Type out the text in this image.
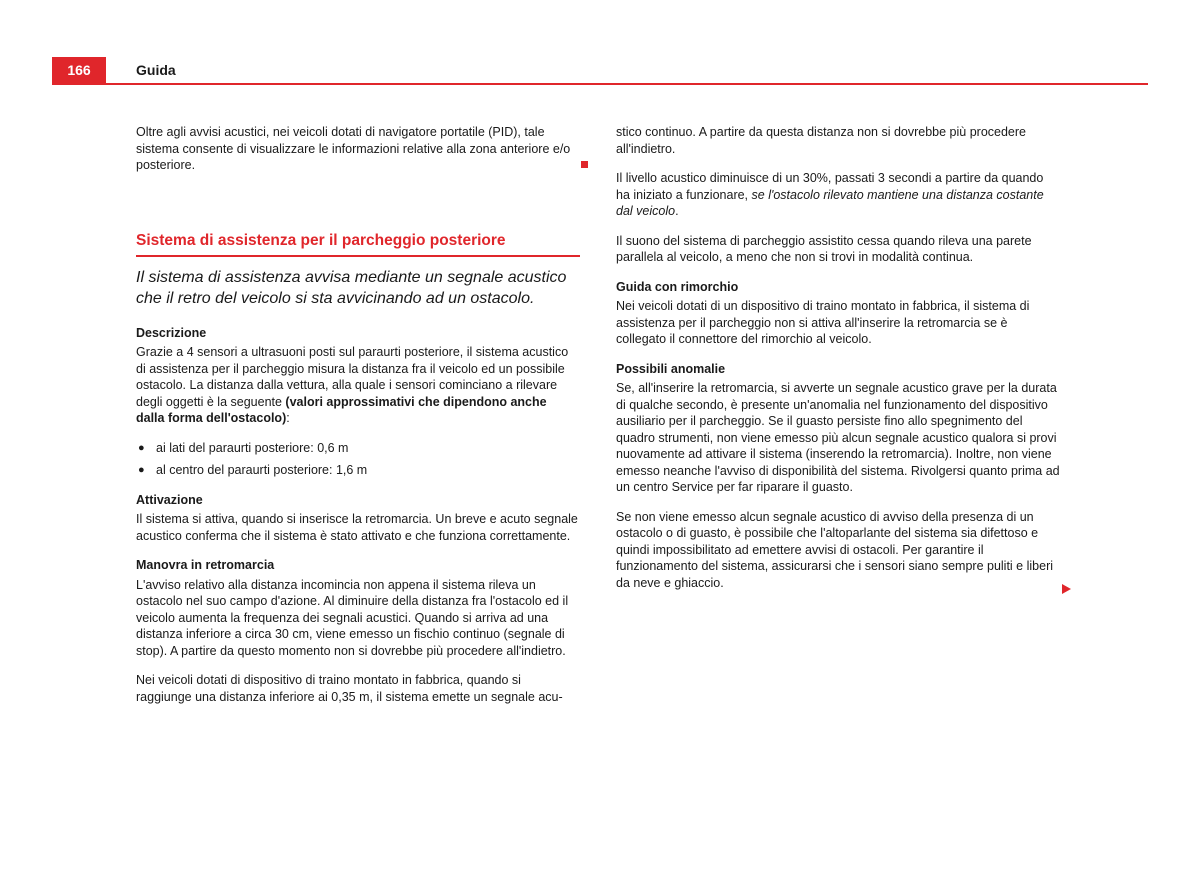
166	Guida

Oltre agli avvisi acustici, nei veicoli dotati di navigatore portatile (PID), tale sistema consente di visualizzare le informazioni relative alla zona anteriore e/o posteriore.

Sistema di assistenza per il parcheggio posteriore

Il sistema di assistenza avvisa mediante un segnale acustico che il retro del veicolo si sta avvicinando ad un ostacolo.

Descrizione

Grazie a 4 sensori a ultrasuoni posti sul paraurti posteriore, il sistema acustico di assistenza per il parcheggio misura la distanza fra il veicolo ed un possibile ostacolo. La distanza dalla vettura, alla quale i sensori cominciano a rilevare degli oggetti è la seguente (valori approssimativi che dipendono anche dalla forma dell'ostacolo):

● ai lati del paraurti posteriore: 0,6 m
● al centro del paraurti posteriore: 1,6 m
Attivazione

Il sistema si attiva, quando si inserisce la retromarcia. Un breve e acuto segnale acustico conferma che il sistema è stato attivato e che funziona correttamente.

Manovra in retromarcia

L'avviso relativo alla distanza incomincia non appena il sistema rileva un ostacolo nel suo campo d'azione. Al diminuire della distanza fra l'ostacolo ed il veicolo aumenta la frequenza dei segnali acustici. Quando si arriva ad una distanza inferiore a circa 30 cm, viene emesso un fischio continuo (segnale di stop). A partire da questo momento non si dovrebbe più procedere all'indietro.

Nei veicoli dotati di dispositivo di traino montato in fabbrica, quando si raggiunge una distanza inferiore ai 0,35 m, il sistema emette un segnale acu-

stico continuo. A partire da questa distanza non si dovrebbe più procedere all'indietro.

Il livello acustico diminuisce di un 30%, passati 3 secondi a partire da quando ha iniziato a funzionare, se l'ostacolo rilevato mantiene una distanza costante dal veicolo.

Il suono del sistema di parcheggio assistito cessa quando rileva una parete parallela al veicolo, a meno che non si trovi in modalità continua.

Guida con rimorchio

Nei veicoli dotati di un dispositivo di traino montato in fabbrica, il sistema di assistenza per il parcheggio non si attiva all'inserire la retromarcia se è collegato il connettore del rimorchio al veicolo.

Possibili anomalie

Se, all'inserire la retromarcia, si avverte un segnale acustico grave per la durata di qualche secondo, è presente un'anomalia nel funzionamento del dispositivo ausiliario per il parcheggio. Se il guasto persiste fino allo spegnimento del quadro strumenti, non viene emesso più alcun segnale acustico qualora si provi nuovamente ad attivare il sistema (inserendo la retromarcia). Inoltre, non viene emesso neanche l'avviso di disponibilità del sistema. Rivolgersi quanto prima ad un centro Service per far riparare il guasto.

Se non viene emesso alcun segnale acustico di avviso della presenza di un ostacolo o di guasto, è possibile che l'altoparlante del sistema sia difettoso e quindi impossibilitato ad emettere avvisi di ostacoli. Per garantire il funzionamento del sistema, assicurarsi che i sensori siano sempre puliti e liberi da neve e ghiaccio.
